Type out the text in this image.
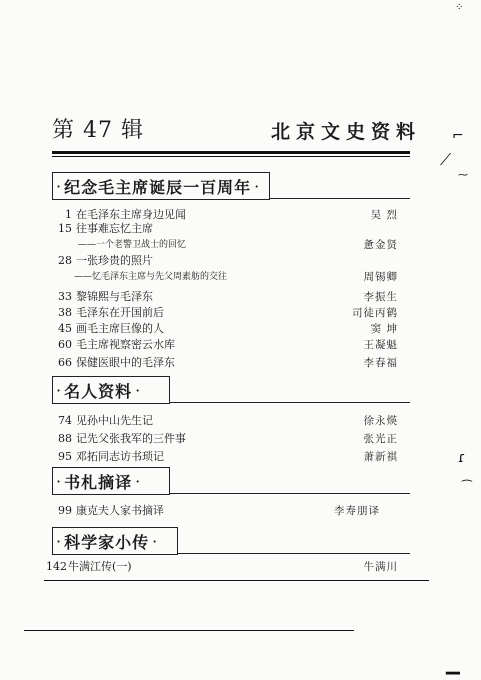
第 47 辑	北京文史资料
· 纪念毛主席诞辰一百周年 ·
1 在毛泽东主席身边见闻	吴 烈
15 往事难忘忆主席
——一个老警卫战士的回忆	惫金贤
28 一张珍贵的照片
——忆毛泽东主席与先父周素舫的交往	周锡卿
33 黎锦熙与毛泽东	李振生
38 毛泽东在开国前后	司徒丙鹤
45 画毛主席巨像的人	窦 坤
60 毛主席视察密云水库	王凝魁
66 保健医眼中的毛泽东	李春福
· 名人资料 ·
74 见孙中山先生记	徐永煐
88 记先父张我军的三件事	张光正
95 邓拓同志访书琐记	萧新祺
· 书札摘译 ·
99 康克夫人家书摘译	李寿朋译
· 科学家小传 ·
142牛满江传(一)	牛满川
⁘
⌐
⟋
⁓
ɾ
⁀
▁
